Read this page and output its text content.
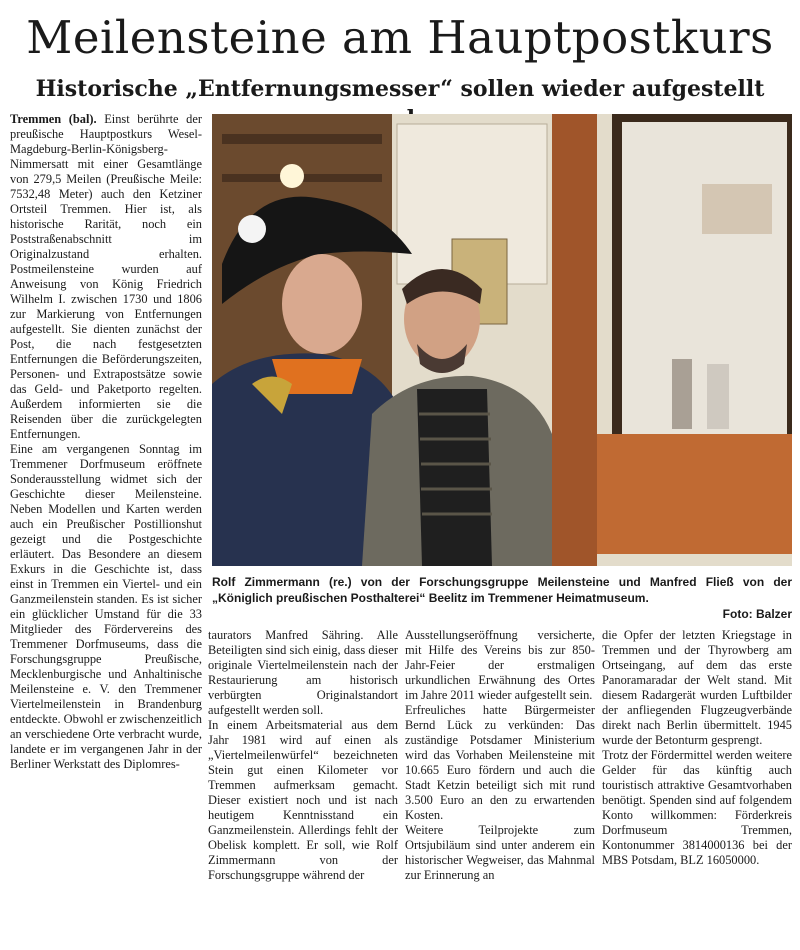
Meilensteine am Hauptpostkurs
Historische „Entfernungsmesser“ sollen wieder aufgestellt

Tremmen (bal). Einst berührte der preußische Hauptpostkurs Wesel-Magdeburg-Berlin-Königsberg-Nimmersatt mit einer Gesamtlänge von 279,5 Meilen (Preußische Meile: 7532,48 Meter) auch den Ketziner Ortsteil Tremmen. Hier ist, als historische Rarität, noch ein Poststraßenabschnitt im Originalzustand erhalten. Postmeilensteine wurden auf Anweisung von König Friedrich Wilhelm I. zwischen 1730 und 1806 zur Markierung von Entfernungen aufgestellt. Sie dienten zunächst der Post, die nach festgesetzten Entfernungen die Beförderungszeiten, Personen- und Extrapostsätze sowie das Geld- und Paketporto regelten. Außerdem informierten sie die Reisenden über die zurückgelegten Entfernungen.

Eine am vergangenen Sonntag im Tremmener Dorfmuseum eröffnete Sonderausstellung widmet sich der Geschichte dieser Meilensteine. Neben Modellen und Karten werden auch ein Preußischer Postillionshut gezeigt und die Postgeschichte erläutert. Das Besondere an diesem Exkurs in die Geschichte ist, dass einst in Tremmen ein Viertel- und ein Ganzmeilenstein standen. Es ist sicher ein glücklicher Umstand für die 33 Mitglieder des Fördervereins des Tremmener Dorfmuseums, dass die Forschungsgruppe Preußische, Mecklenburgische und Anhaltinische Meilensteine e. V. den Tremmener Viertelmeilenstein in Brandenburg entdeckte. Obwohl er zwischenzeitlich an verschiedene Orte verbracht wurde, landete er im vergangenen Jahr in der Berliner Werkstatt des Diplomres-

Rolf Zimmermann (re.) von der Forschungsgruppe Meilensteine und Manfred Fließ von der „Königlich preußischen Posthalterei“ Beelitz im Tremmener Heimatmuseum.
Foto: Balzer

taurators Manfred Sähring. Alle Beteiligten sind sich einig, dass dieser originale Viertelmeilenstein nach der Restaurierung am historisch verbürgten Originalstandort aufgestellt werden soll.

In einem Arbeitsmaterial aus dem Jahr 1981 wird auf einen als „Viertelmeilenwürfel“ bezeichneten Stein gut einen Kilometer vor Tremmen aufmerksam gemacht. Dieser existiert noch und ist nach heutigem Kenntnisstand ein Ganzmeilenstein. Allerdings fehlt der Obelisk komplett. Er soll, wie Rolf Zimmermann von der Forschungsgruppe während der

Ausstellungseröffnung versicherte, mit Hilfe des Vereins bis zur 850-Jahr-Feier der erstmaligen urkundlichen Erwähnung des Ortes im Jahre 2011 wieder aufgestellt sein.

Erfreuliches hatte Bürgermeister Bernd Lück zu verkünden: Das zuständige Potsdamer Ministerium wird das Vorhaben Meilensteine mit 10.665 Euro fördern und auch die Stadt Ketzin beteiligt sich mit rund 3.500 Euro an den zu erwartenden Kosten.

Weitere Teilprojekte zum Ortsjubiläum sind unter anderem ein historischer Wegweiser, das Mahnmal zur Erinnerung an

die Opfer der letzten Kriegstage in Tremmen und der Thyrowberg am Ortseingang, auf dem das erste Panoramaradar der Welt stand. Mit diesem Radargerät wurden Luftbilder der anfliegenden Flugzeugverbände direkt nach Berlin übermittelt. 1945 wurde der Betonturm gesprengt.

Trotz der Fördermittel werden weitere Gelder für das künftig auch touristisch attraktive Gesamtvorhaben benötigt. Spenden sind auf folgendem Konto willkommen: Förderkreis Dorfmuseum Tremmen, Kontonummer 3814000136 bei der MBS Potsdam, BLZ 16050000.
